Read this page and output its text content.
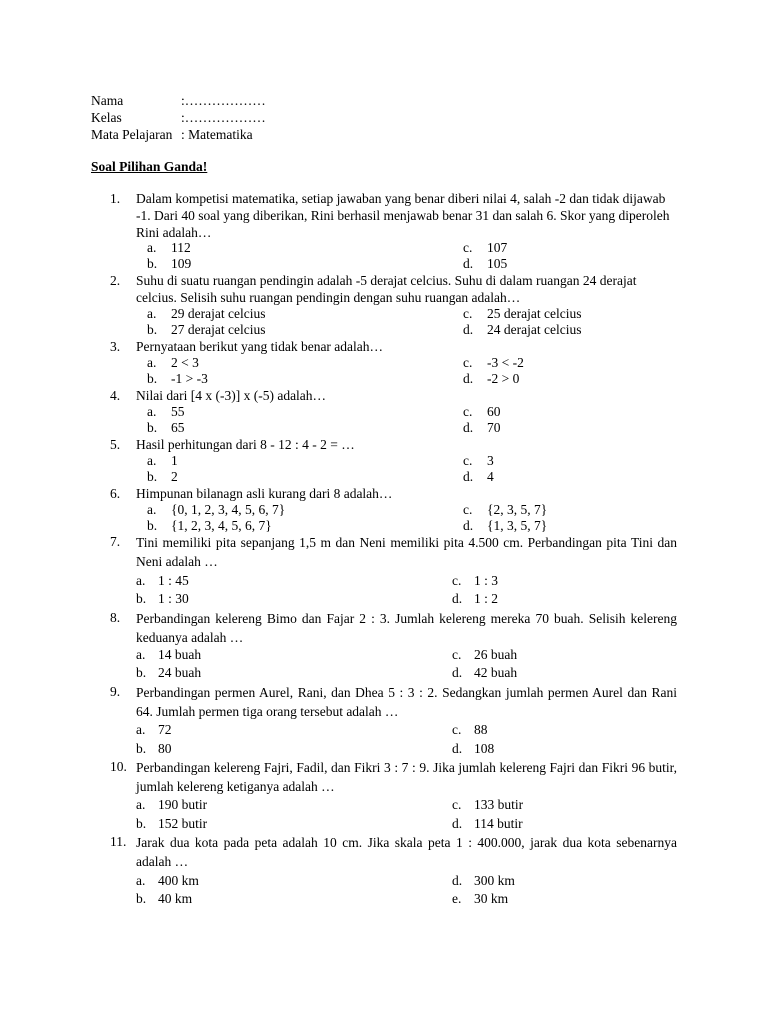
Nama	:………………
Kelas	:………………
Mata Pelajaran : Matematika
Soal Pilihan Ganda!
1.	Dalam kompetisi matematika, setiap jawaban yang benar diberi nilai 4, salah -2 dan tidak dijawab -1. Dari 40 soal yang diberikan, Rini berhasil menjawab benar 31 dan salah 6. Skor yang diperoleh Rini adalah…
a. 112	c. 107
b. 109	d. 105
2.	Suhu di suatu ruangan pendingin adalah -5 derajat celcius. Suhu di dalam ruangan 24 derajat celcius. Selisih suhu ruangan pendingin dengan suhu ruangan adalah…
a. 29 derajat celcius	c. 25 derajat celcius
b. 27 derajat celcius	d. 24 derajat celcius
3.	Pernyataan berikut yang tidak benar adalah…
a. 2 < 3	c. -3 < -2
b. -1 > -3	d. -2 > 0
4.	Nilai dari [4 x (-3)] x (-5) adalah…
a. 55	c. 60
b. 65	d. 70
5.	Hasil perhitungan dari 8 - 12 : 4 - 2 = …
a. 1	c. 3
b. 2	d. 4
6.	Himpunan bilanagn asli kurang dari 8 adalah…
a. {0, 1, 2, 3, 4, 5, 6, 7}	c. {2, 3, 5, 7}
b. {1, 2, 3, 4, 5, 6, 7}	d. {1, 3, 5, 7}
7.	Tini memiliki pita sepanjang 1,5 m dan Neni memiliki pita 4.500 cm. Perbandingan pita Tini dan Neni adalah …
a. 1 : 45	c. 1 : 3
b. 1 : 30	d. 1 : 2
8.	Perbandingan kelereng Bimo dan Fajar 2 : 3. Jumlah kelereng mereka 70 buah. Selisih kelereng keduanya adalah …
a. 14 buah	c. 26 buah
b. 24 buah	d. 42 buah
9.	Perbandingan permen Aurel, Rani, dan Dhea 5 : 3 : 2. Sedangkan jumlah permen Aurel dan Rani 64. Jumlah permen tiga orang tersebut adalah …
a. 72	c. 88
b. 80	d. 108
10. Perbandingan kelereng Fajri, Fadil, dan Fikri 3 : 7 : 9. Jika jumlah kelereng Fajri dan Fikri 96 butir, jumlah kelereng ketiganya adalah …
a. 190 butir	c. 133 butir
b. 152 butir	d. 114 butir
11. Jarak dua kota pada peta adalah 10 cm. Jika skala peta 1 : 400.000, jarak dua kota sebenarnya adalah …
a. 400 km	d. 300 km
b. 40 km	e. 30 km
